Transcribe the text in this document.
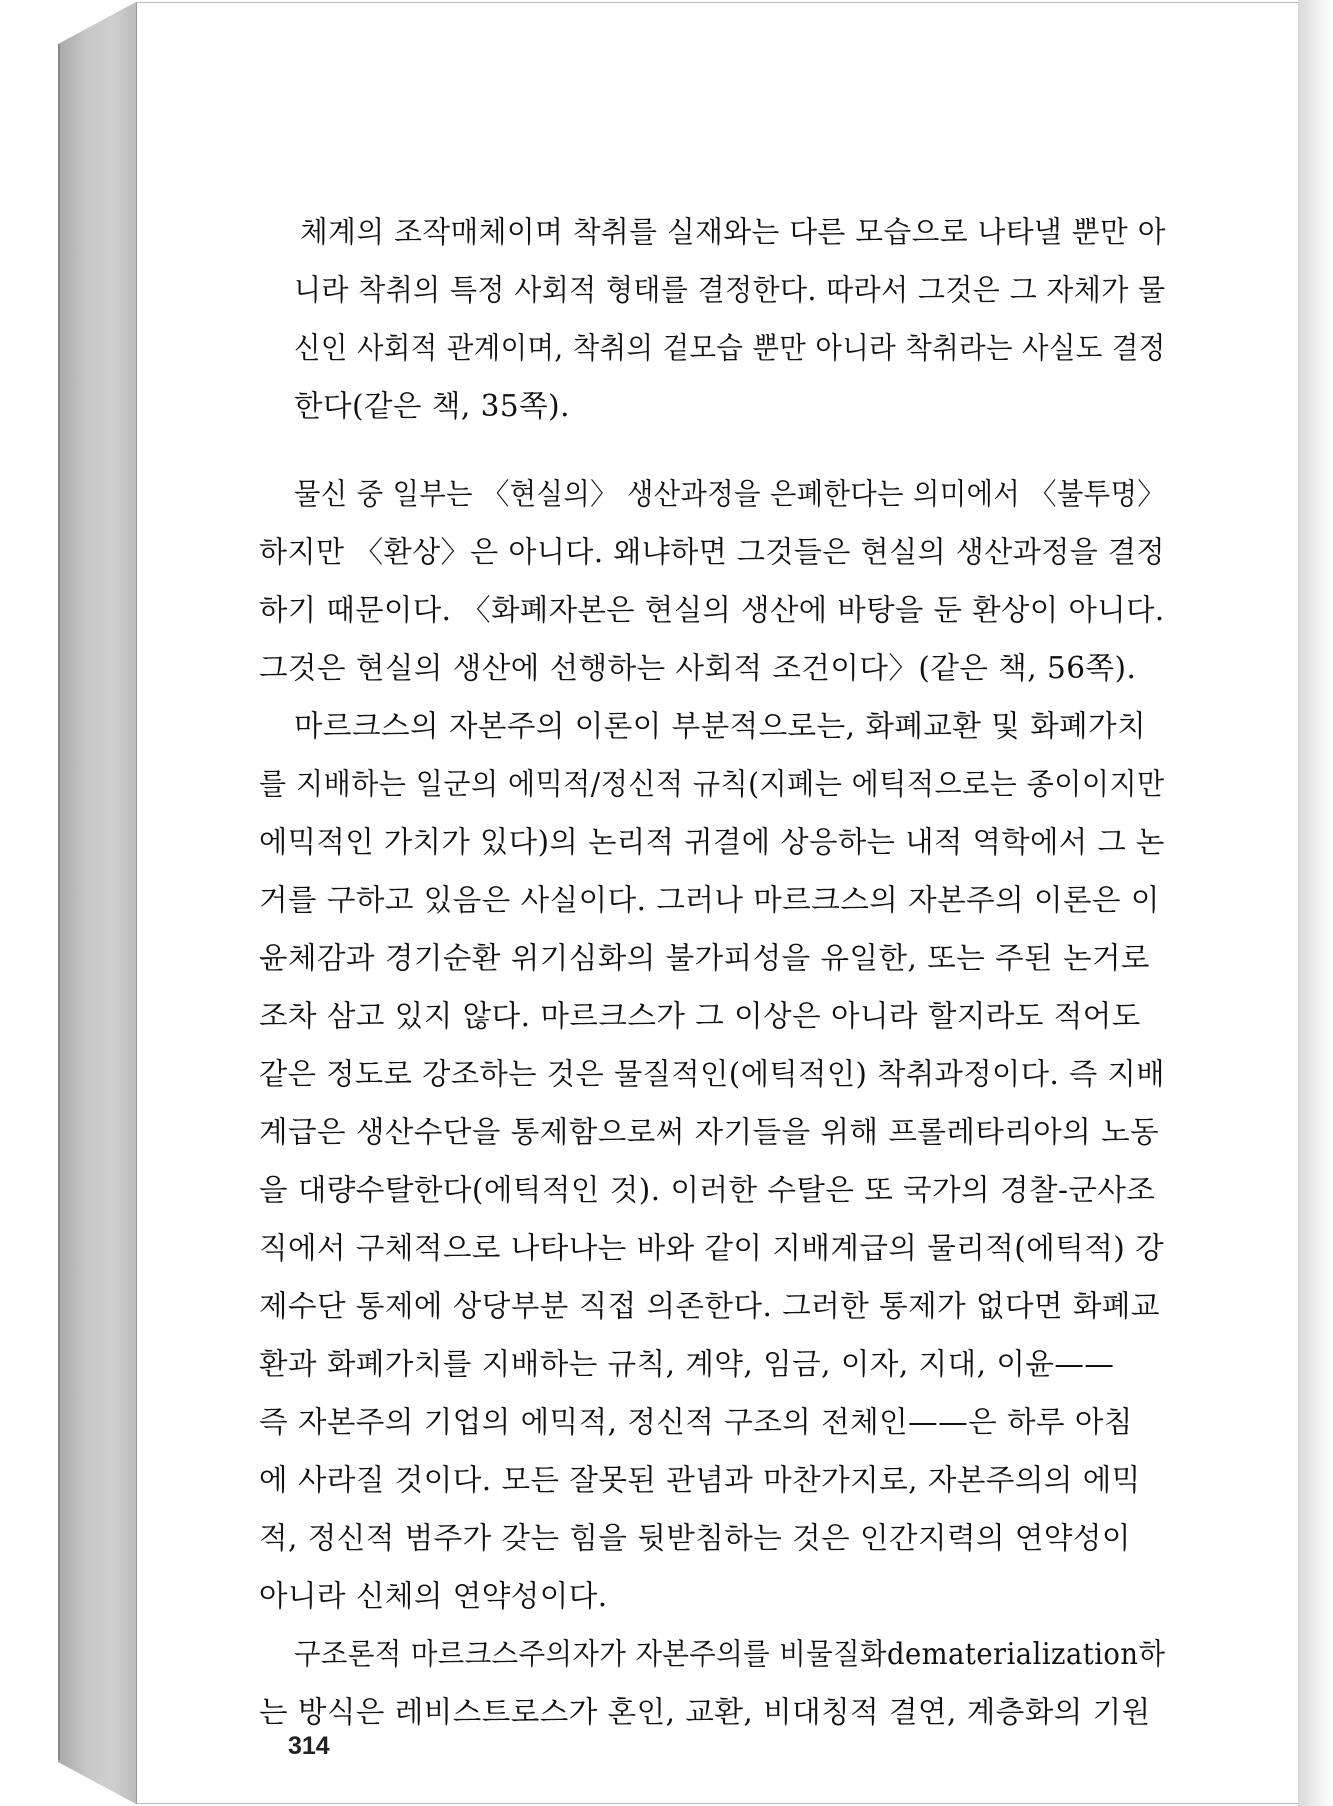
체계의 조작매체이며 착취를 실재와는 다른 모습으로 나타낼 뿐만 아
니라 착취의 특정 사회적 형태를 결정한다. 따라서 그것은 그 자체가 물
신인 사회적 관계이며, 착취의 겉모습 뿐만 아니라 착취라는 사실도 결정
한다(같은 책, 35쪽).
물신 중 일부는 〈현실의〉 생산과정을 은폐한다는 의미에서 〈불투명〉
하지만 〈환상〉은 아니다. 왜냐하면 그것들은 현실의 생산과정을 결정
하기 때문이다. 〈화폐자본은 현실의 생산에 바탕을 둔 환상이 아니다.
그것은 현실의 생산에 선행하는 사회적 조건이다〉(같은 책, 56쪽).
마르크스의 자본주의 이론이 부분적으로는, 화폐교환 및 화폐가치
를 지배하는 일군의 에믹적/정신적 규칙(지폐는 에틱적으로는 종이이지만
에믹적인 가치가 있다)의 논리적 귀결에 상응하는 내적 역학에서 그 논
거를 구하고 있음은 사실이다. 그러나 마르크스의 자본주의 이론은 이
윤체감과 경기순환 위기심화의 불가피성을 유일한, 또는 주된 논거로
조차 삼고 있지 않다. 마르크스가 그 이상은 아니라 할지라도 적어도
같은 정도로 강조하는 것은 물질적인(에틱적인) 착취과정이다. 즉 지배
계급은 생산수단을 통제함으로써 자기들을 위해 프롤레타리아의 노동
을 대량수탈한다(에틱적인 것). 이러한 수탈은 또 국가의 경찰-군사조
직에서 구체적으로 나타나는 바와 같이 지배계급의 물리적(에틱적) 강
제수단 통제에 상당부분 직접 의존한다. 그러한 통제가 없다면 화폐교
환과 화폐가치를 지배하는 규칙, 계약, 임금, 이자, 지대, 이윤——
즉 자본주의 기업의 에믹적, 정신적 구조의 전체인——은 하루 아침
에 사라질 것이다. 모든 잘못된 관념과 마찬가지로, 자본주의의 에믹
적, 정신적 범주가 갖는 힘을 뒷받침하는 것은 인간지력의 연약성이
아니라 신체의 연약성이다.
구조론적 마르크스주의자가 자본주의를 비물질화dematerialization하
는 방식은 레비스트로스가 혼인, 교환, 비대칭적 결연, 계층화의 기원
314
